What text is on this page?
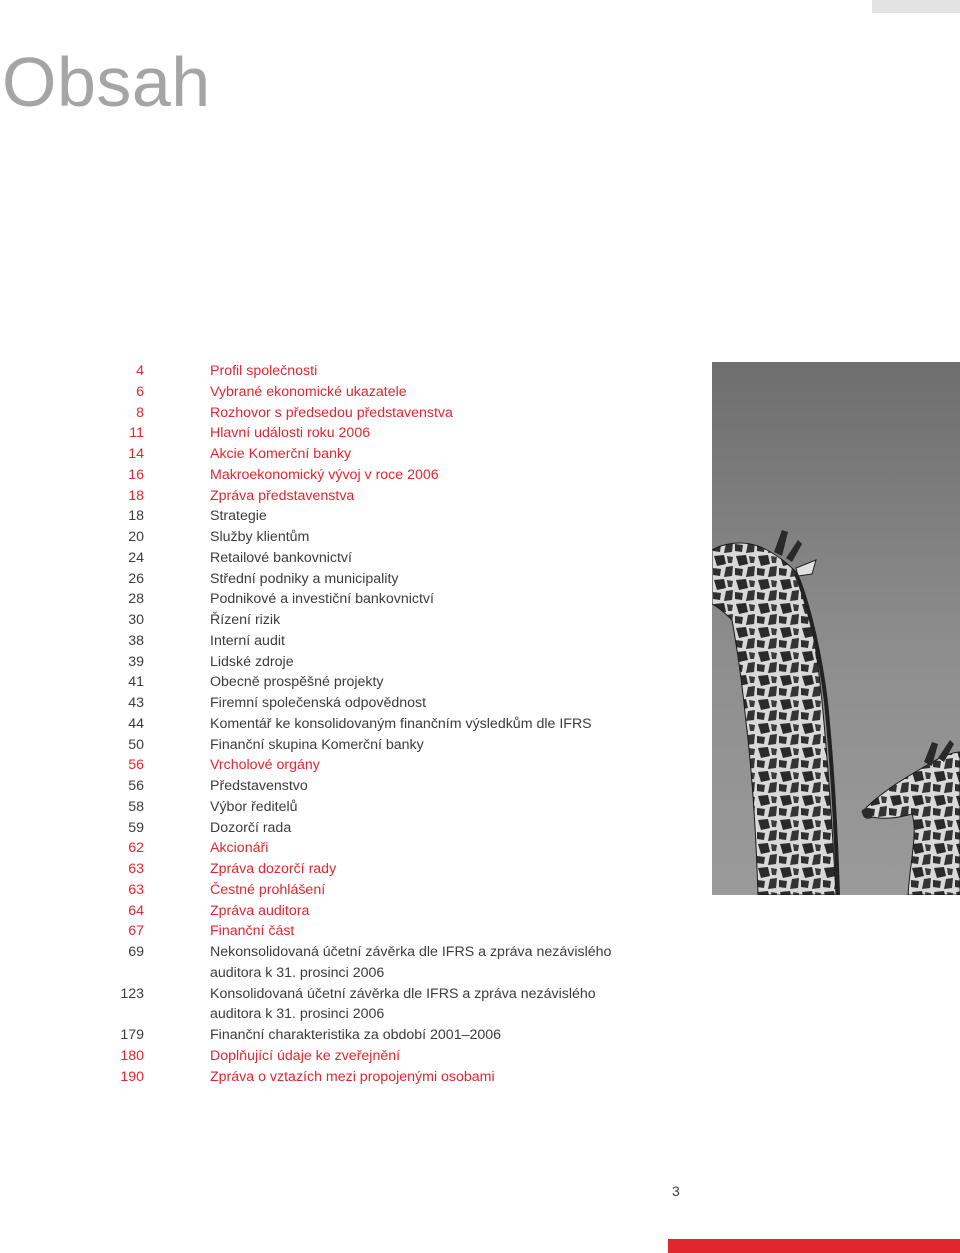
Obsah
4	Profil společnosti
6	Vybrané ekonomické ukazatele
8	Rozhovor s předsedou představenstva
11	Hlavní události roku 2006
14	Akcie Komerční banky
16	Makroekonomický vývoj v roce 2006
18	Zpráva představenstva
18	Strategie
20	Služby klientům
24	Retailové bankovnictví
26	Střední podniky a municipality
28	Podnikové a investiční bankovnictví
30	Řízení rizik
38	Interní audit
39	Lidské zdroje
41	Obecně prospěšné projekty
43	Firemní společenská odpovědnost
44	Komentář ke konsolidovaným finančním výsledkům dle IFRS
50	Finanční skupina Komerční banky
56	Vrcholové orgány
56	Představenstvo
58	Výbor ředitelů
59	Dozorčí rada
62	Akcionáři
63	Zpráva dozorčí rady
63	Čestné prohlášení
64	Zpráva auditora
67	Finanční část
69	Nekonsolidovaná účetní závěrka dle IFRS a zpráva nezávislého auditora k 31. prosinci 2006
123	Konsolidovaná účetní závěrka dle IFRS a zpráva nezávislého auditora k 31. prosinci 2006
179	Finanční charakteristika za období 2001–2006
180	Doplňující údaje ke zveřejnění
190	Zpráva o vztazích mezi propojenými osobami
3
